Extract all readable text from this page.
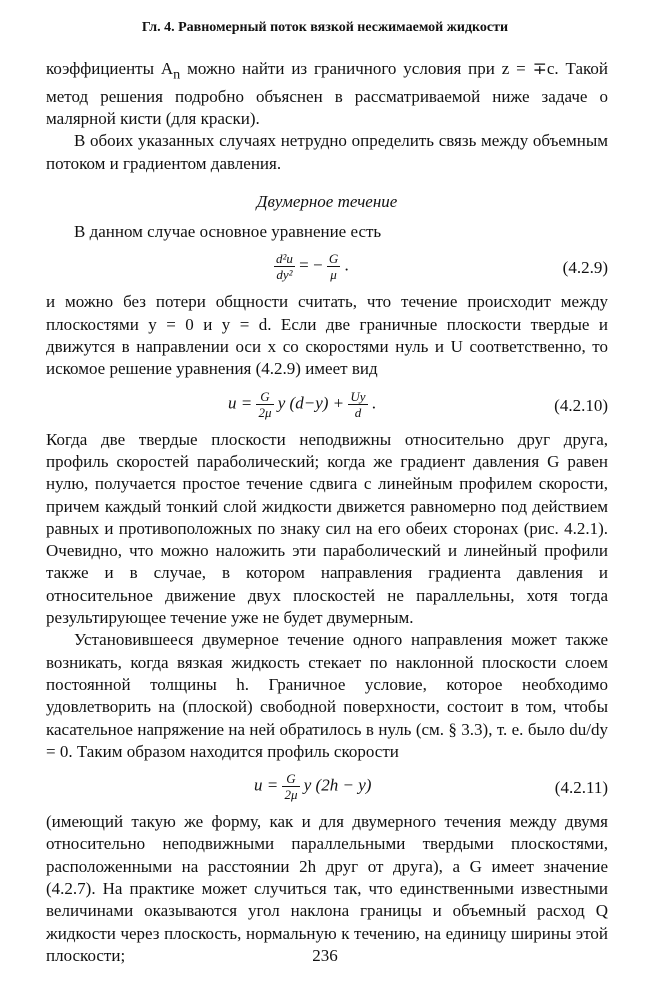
Гл. 4. Равномерный поток вязкой несжимаемой жидкости

коэффициенты $A_n$ можно найти из граничного условия при z = ∓c. Такой метод решения подробно объяснен в рассматриваемой ниже задаче о малярной кисти (для краски).

В обоих указанных случаях нетрудно определить связь между объемным потоком и градиентом давления.

Двумерное течение

В данном случае основное уравнение есть

$\frac{\text{d²u}}{\text{dy²}}$ = − $\frac{G}{\mu}$ .	(4.2.9)

и можно без потери общности считать, что течение происходит между плоскостями y = 0 и y = d. Если две граничные плоскости твердые и движутся в направлении оси x со скоростями нуль и U соответственно, то искомое решение уравнения (4.2.9) имеет вид

$u = \frac{G}{2\mu}$ y $(d-y) + \frac{Uy}{d}$ .	(4.2.10)

Когда две твердые плоскости неподвижны относительно друг друга, профиль скоростей параболический; когда же градиент давления G равен нулю, получается простое течение сдвига с линейным профилем скорости, причем каждый тонкий слой жидкости движется равномерно под действием равных и противоположных по знаку сил на его обеих сторонах (рис. 4.2.1). Очевидно, что можно наложить эти параболический и линейный профили также и в случае, в котором направления градиента давления и относительное движение двух плоскостей не параллельны, хотя тогда результирующее течение уже не будет двумерным.

Установившееся двумерное течение одного направления может также возникать, когда вязкая жидкость стекает по наклонной плоскости слоем постоянной толщины h. Граничное условие, которое необходимо удовлетворить на (плоской) свободной поверхности, состоит в том, чтобы касательное напряжение на ней обратилось в нуль (см. § 3.3), т. е. было du/dy = 0. Таким образом находится профиль скорости

$u = \frac{G}{2\mu}$ y (2h − y)	(4.2.11)

(имеющий такую же форму, как и для двумерного течения между двумя относительно неподвижными параллельными твердыми плоскостями, расположенными на расстоянии 2h друг от друга), а G имеет значение (4.2.7). На практике может случиться так, что единственными известными величинами оказываются угол наклона границы и объемный расход Q жидкости через плоскость, нормальную к течению, на единицу ширины этой плоскости;	236
